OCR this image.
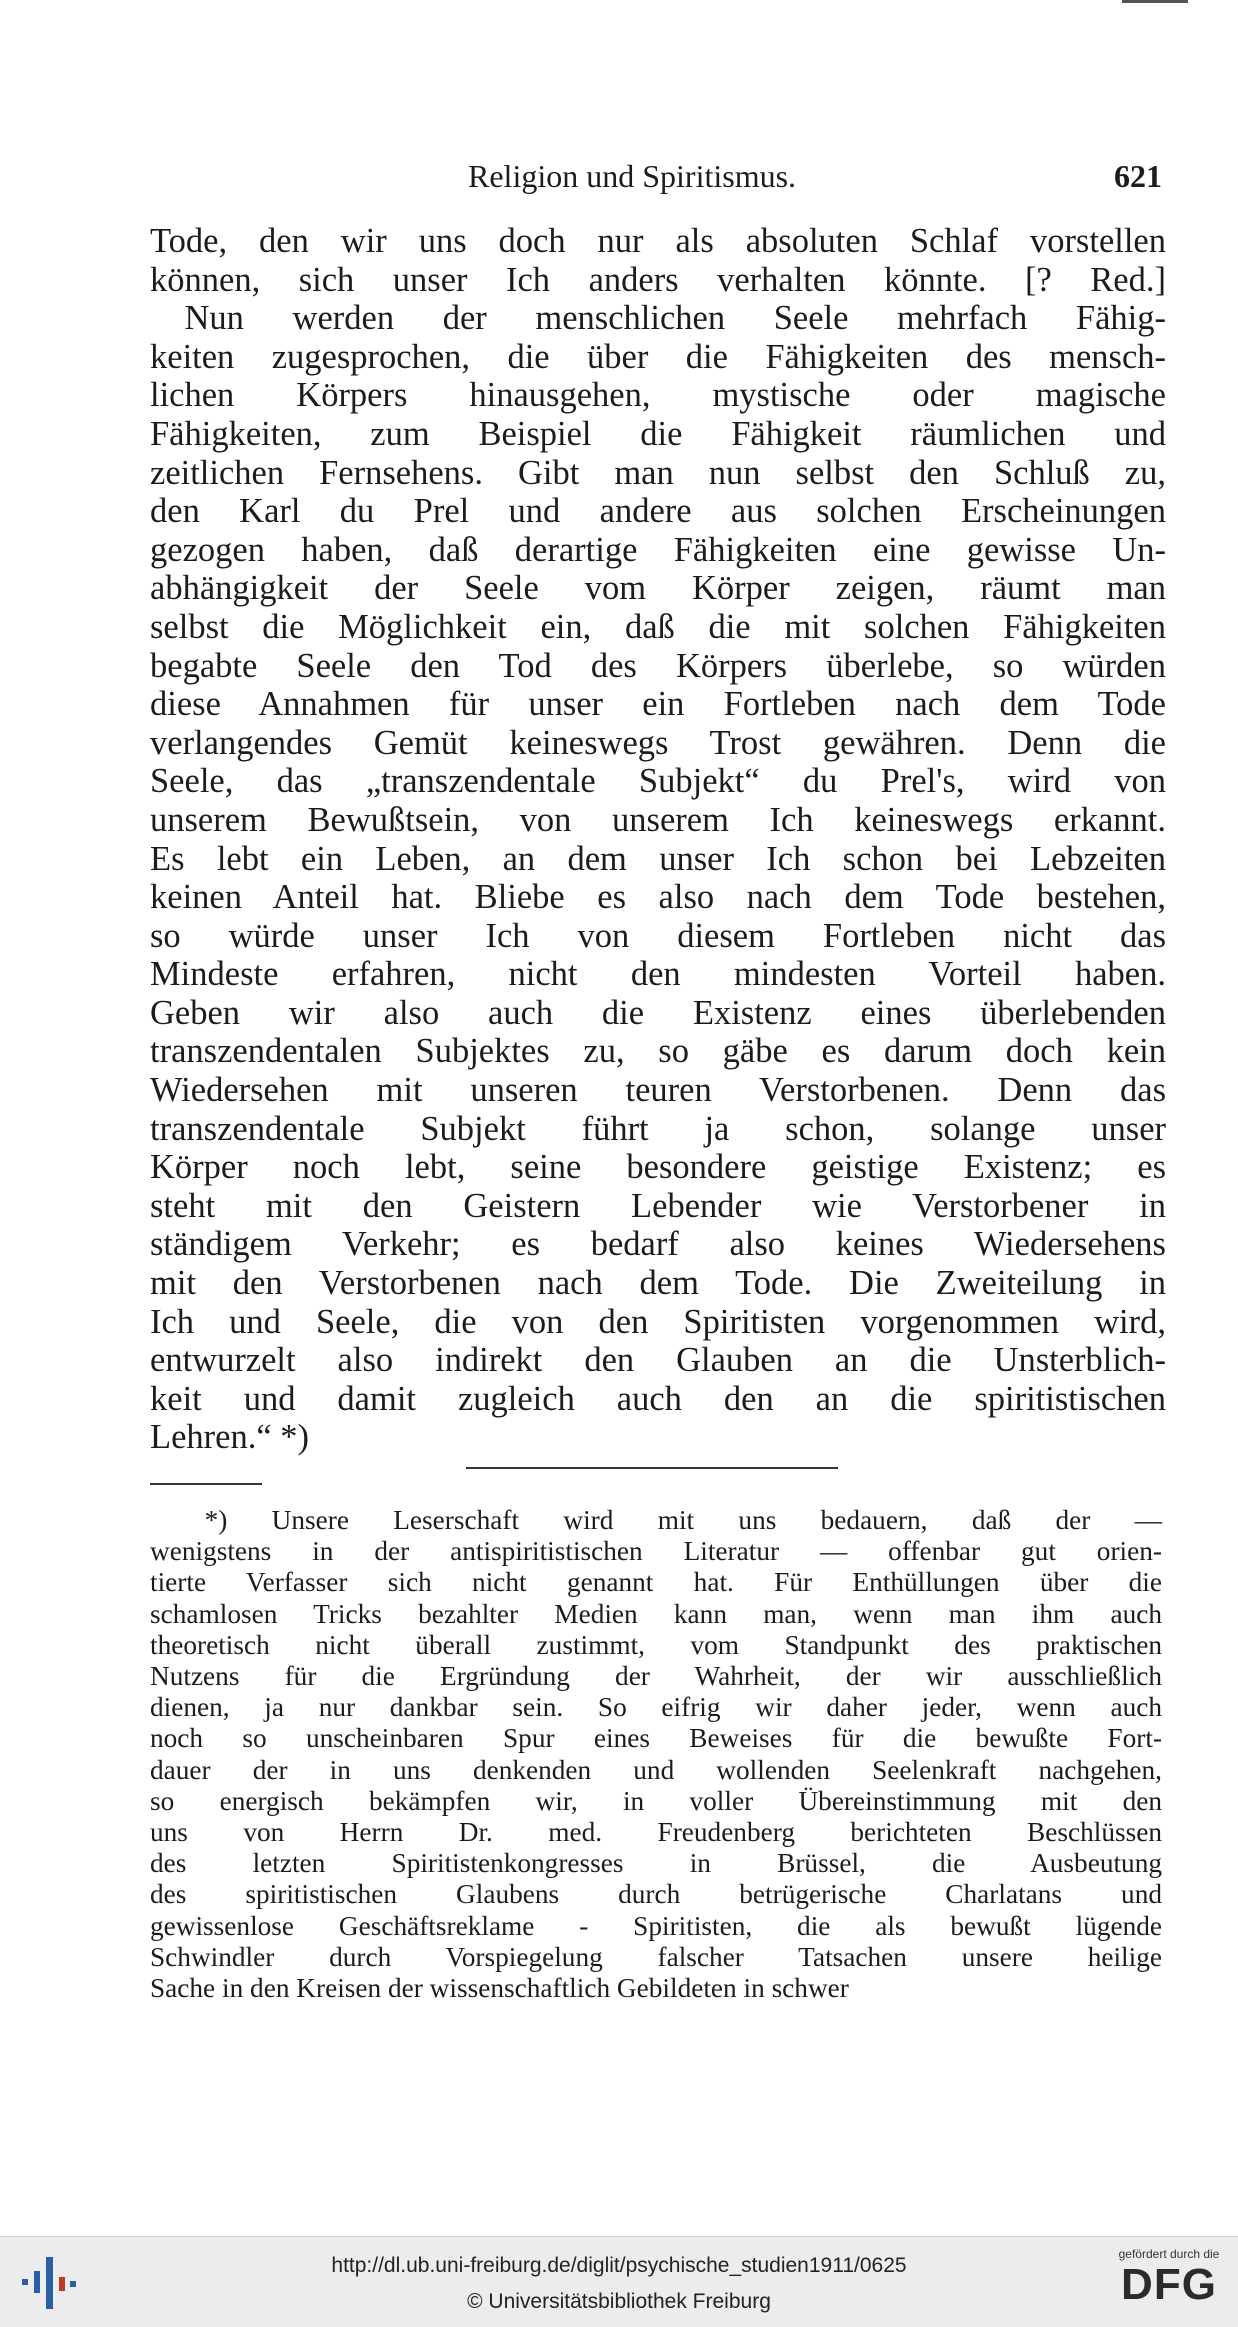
Religion und Spiritismus.	621
Tode, den wir uns doch nur als absoluten Schlaf vorstellen
können, sich unser Ich anders verhalten könnte. [? Red.]
 Nun werden der menschlichen Seele mehrfach Fähig-
keiten zugesprochen, die über die Fähigkeiten des mensch-
lichen Körpers hinausgehen, mystische oder magische
Fähigkeiten, zum Beispiel die Fähigkeit räumlichen und
zeitlichen Fernsehens. Gibt man nun selbst den Schluß zu,
den Karl du Prel und andere aus solchen Erscheinungen
gezogen haben, daß derartige Fähigkeiten eine gewisse Un-
abhängigkeit der Seele vom Körper zeigen, räumt man
selbst die Möglichkeit ein, daß die mit solchen Fähigkeiten
begabte Seele den Tod des Körpers überlebe, so würden
diese Annahmen für unser ein Fortleben nach dem Tode
verlangendes Gemüt keineswegs Trost gewähren. Denn die
Seele, das „transzendentale Subjekt“ du Prel's, wird von
unserem Bewußtsein, von unserem Ich keineswegs erkannt.
Es lebt ein Leben, an dem unser Ich schon bei Lebzeiten
keinen Anteil hat. Bliebe es also nach dem Tode bestehen,
so würde unser Ich von diesem Fortleben nicht das
Mindeste erfahren, nicht den mindesten Vorteil haben.
Geben wir also auch die Existenz eines überlebenden
transzendentalen Subjektes zu, so gäbe es darum doch kein
Wiedersehen mit unseren teuren Verstorbenen. Denn das
transzendentale Subjekt führt ja schon, solange unser
Körper noch lebt, seine besondere geistige Existenz; es
steht mit den Geistern Lebender wie Verstorbener in
ständigem Verkehr; es bedarf also keines Wiedersehens
mit den Verstorbenen nach dem Tode. Die Zweiteilung in
Ich und Seele, die von den Spiritisten vorgenommen wird,
entwurzelt also indirekt den Glauben an die Unsterblich-
keit und damit zugleich auch den an die spiritistischen
Lehren.“ *)
  *) Unsere Leserschaft wird mit uns bedauern, daß der —
wenigstens in der antispiritistischen Literatur — offenbar gut orien-
tierte Verfasser sich nicht genannt hat. Für Enthüllungen über die
schamlosen Tricks bezahlter Medien kann man, wenn man ihm auch
theoretisch nicht überall zustimmt, vom Standpunkt des praktischen
Nutzens für die Ergründung der Wahrheit, der wir ausschließlich
dienen, ja nur dankbar sein. So eifrig wir daher jeder, wenn auch
noch so unscheinbaren Spur eines Beweises für die bewußte Fort-
dauer der in uns denkenden und wollenden Seelenkraft nachgehen,
so energisch bekämpfen wir, in voller Übereinstimmung mit den
uns von Herrn Dr. med. Freudenberg berichteten Beschlüssen
des letzten Spiritistenkongresses in Brüssel, die Ausbeutung
des spiritistischen Glaubens durch betrügerische Charlatans und
gewissenlose Geschäftsreklame - Spiritisten, die als bewußt lügende
Schwindler durch Vorspiegelung falscher Tatsachen unsere heilige
Sache in den Kreisen der wissenschaftlich Gebildeten in schwer
http://dl.ub.uni-freiburg.de/diglit/psychische_studien1911/0625
© Universitätsbibliothek Freiburg
gefördert durch die
DFG
